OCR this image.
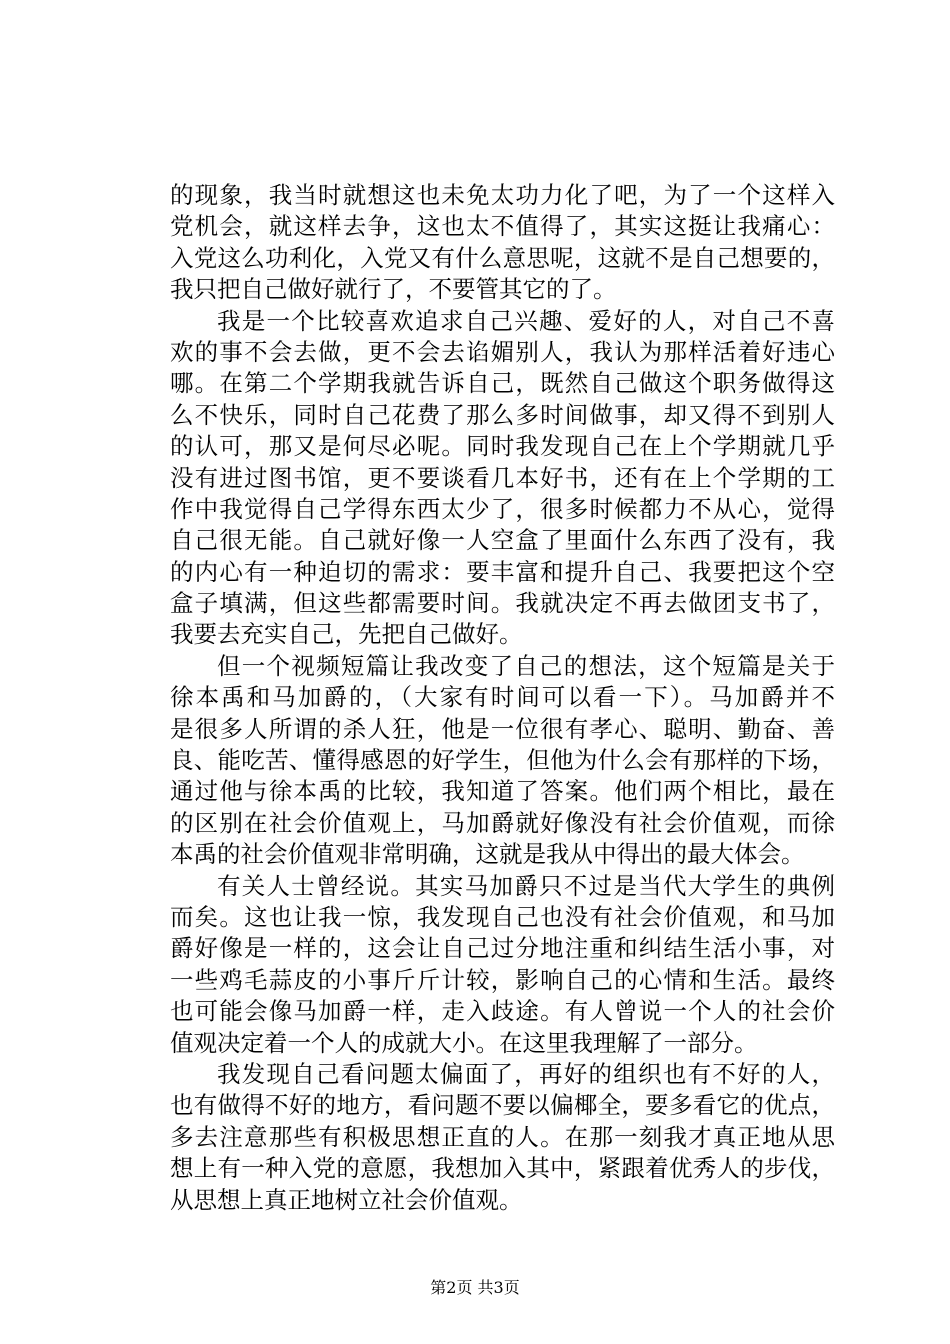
的现象，我当时就想这也未免太功力化了吧，为了一个这样入
党机会，就这样去争，这也太不值得了，其实这挺让我痛心：
入党这么功利化，入党又有什么意思呢，这就不是自己想要的，
我只把自己做好就行了，不要管其它的了。
我是一个比较喜欢追求自己兴趣、爱好的人，对自己不喜
欢的事不会去做，更不会去谄媚别人，我认为那样活着好违心
哪。在第二个学期我就告诉自己，既然自己做这个职务做得这
么不快乐，同时自己花费了那么多时间做事，却又得不到别人
的认可，那又是何尽必呢。同时我发现自己在上个学期就几乎
没有进过图书馆，更不要谈看几本好书，还有在上个学期的工
作中我觉得自己学得东西太少了，很多时候都力不从心，觉得
自己很无能。自己就好像一人空盒了里面什么东西了没有，我
的内心有一种迫切的需求：要丰富和提升自己、我要把这个空
盒子填满，但这些都需要时间。我就决定不再去做团支书了，
我要去充实自己，先把自己做好。
但一个视频短篇让我改变了自己的想法，这个短篇是关于
徐本禹和马加爵的，（大家有时间可以看一下）。马加爵并不
是很多人所谓的杀人狂，他是一位很有孝心、聪明、勤奋、善
良、能吃苦、懂得感恩的好学生，但他为什么会有那样的下场，
通过他与徐本禹的比较，我知道了答案。他们两个相比，最在
的区别在社会价值观上，马加爵就好像没有社会价值观，而徐
本禹的社会价值观非常明确，这就是我从中得出的最大体会。
有关人士曾经说。其实马加爵只不过是当代大学生的典例
而矣。这也让我一惊，我发现自己也没有社会价值观，和马加
爵好像是一样的，这会让自己过分地注重和纠结生活小事，对
一些鸡毛蒜皮的小事斤斤计较，影响自己的心情和生活。最终
也可能会像马加爵一样，走入歧途。有人曾说一个人的社会价
值观决定着一个人的成就大小。在这里我理解了一部分。
我发现自己看问题太偏面了，再好的组织也有不好的人，
也有做得不好的地方，看问题不要以偏椰全，要多看它的优点，
多去注意那些有积极思想正直的人。在那一刻我才真正地从思
想上有一种入党的意愿，我想加入其中，紧跟着优秀人的步伐，
从思想上真正地树立社会价值观。
第2页 共3页
